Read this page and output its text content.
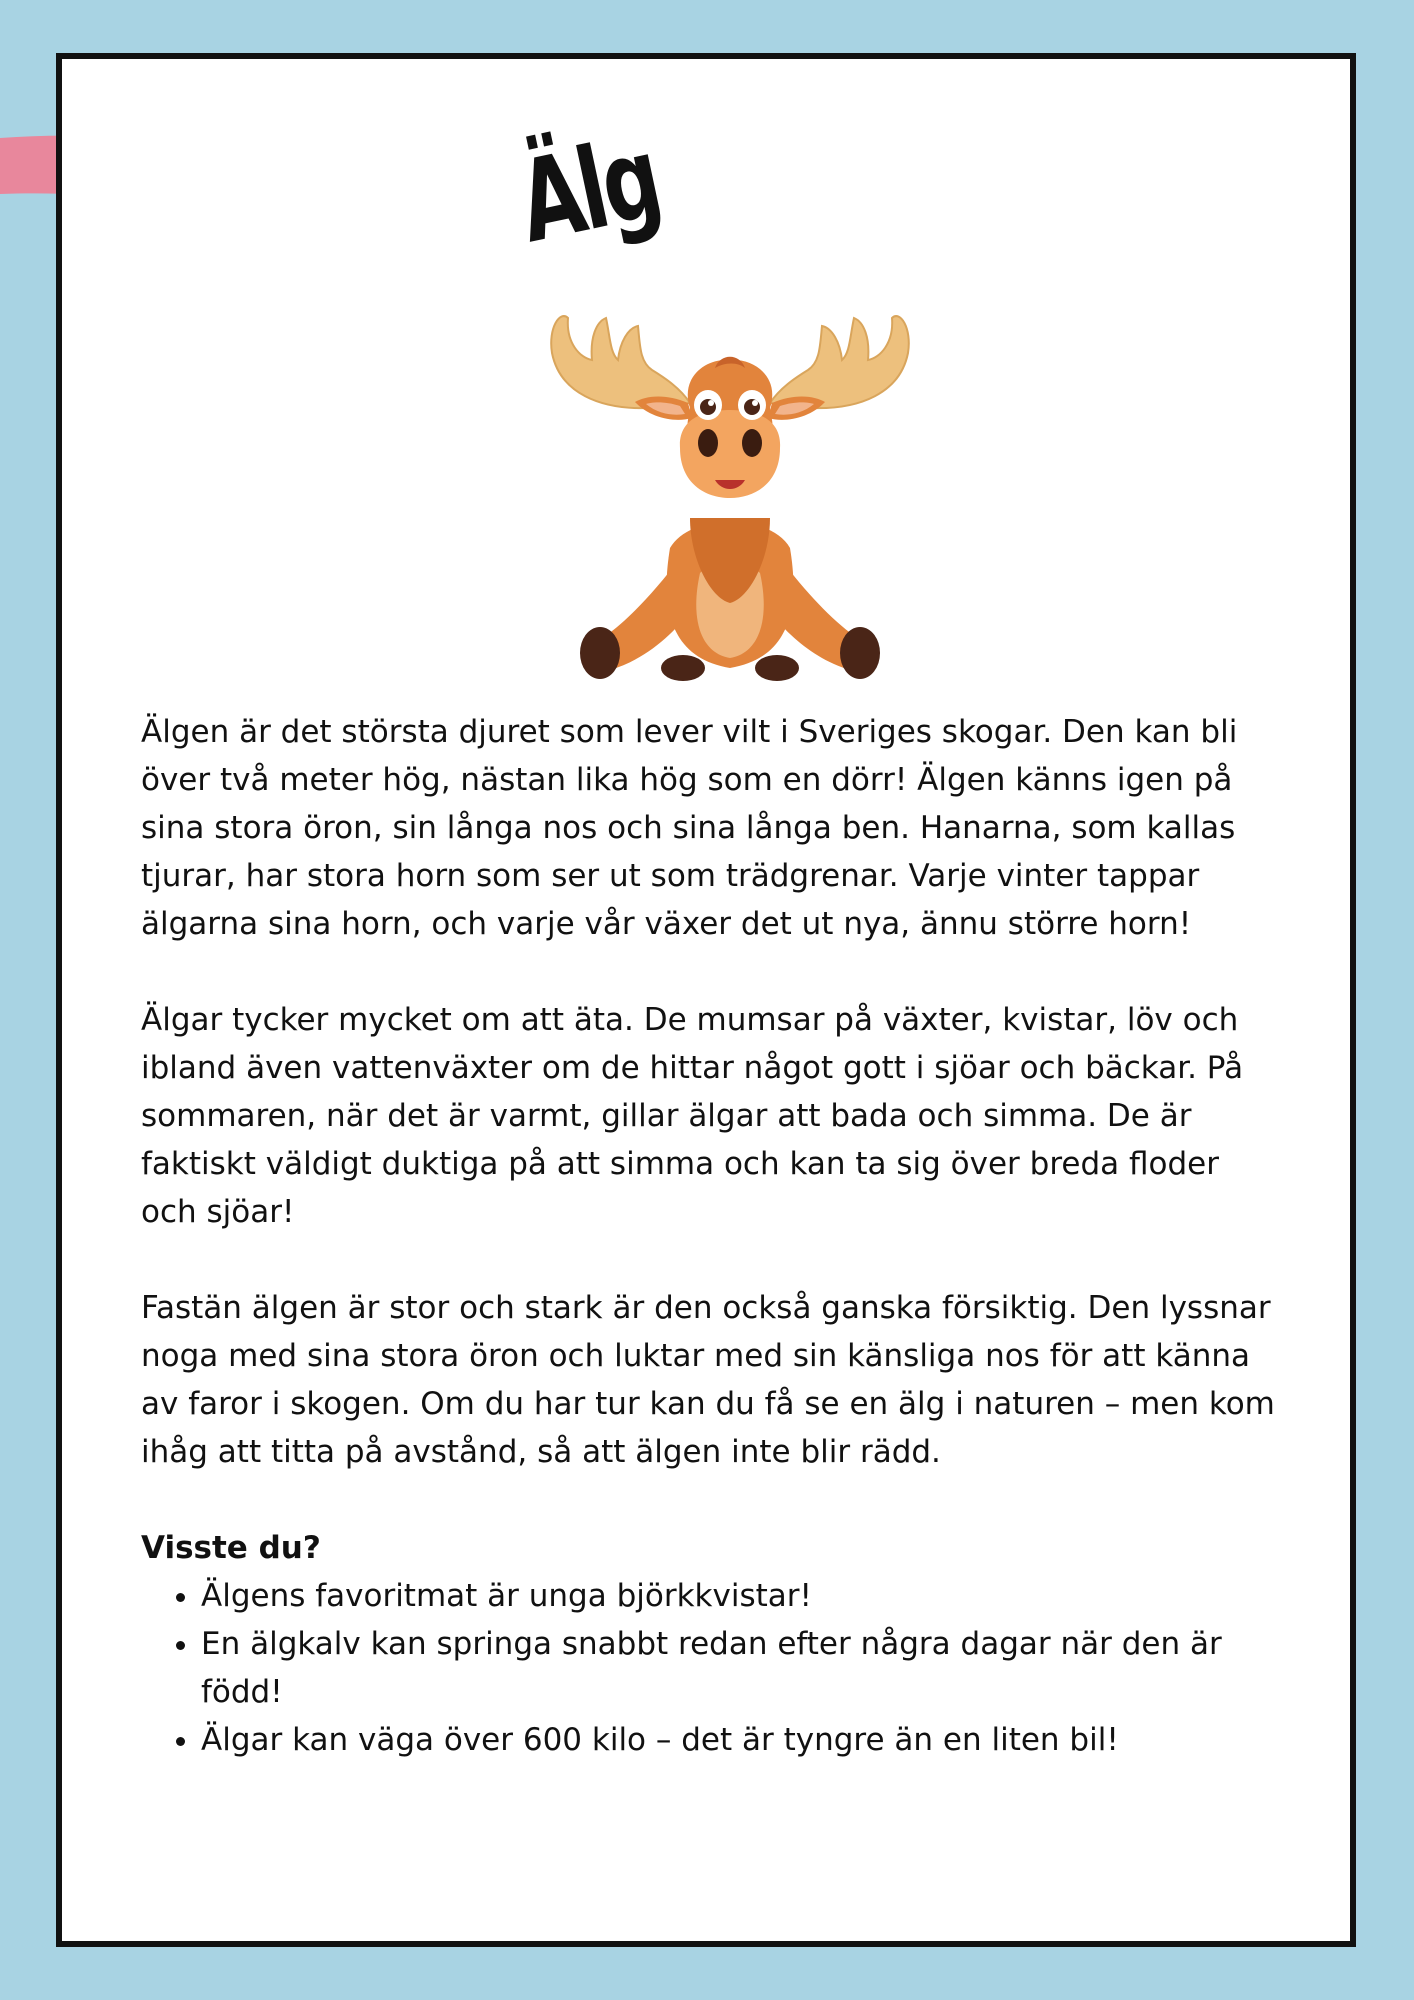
Älg

Älgen är det största djuret som lever vilt i Sveriges skogar. Den kan bli över två meter hög, nästan lika hög som en dörr! Älgen känns igen på sina stora öron, sin långa nos och sina långa ben. Hanarna, som kallas tjurar, har stora horn som ser ut som trädgrenar. Varje vinter tappar älgarna sina horn, och varje vår växer det ut nya, ännu större horn!

Älgar tycker mycket om att äta. De mumsar på växter, kvistar, löv och ibland även vattenväxter om de hittar något gott i sjöar och bäckar. På sommaren, när det är varmt, gillar älgar att bada och simma. De är faktiskt väldigt duktiga på att simma och kan ta sig över breda floder och sjöar!

Fastän älgen är stor och stark är den också ganska försiktig. Den lyssnar noga med sina stora öron och luktar med sin känsliga nos för att känna av faror i skogen. Om du har tur kan du få se en älg i naturen – men kom ihåg att titta på avstånd, så att älgen inte blir rädd.

Visste du?
• Älgens favoritmat är unga björkkvistar!
• En älgkalv kan springa snabbt redan efter några dagar när den är född!
• Älgar kan väga över 600 kilo – det är tyngre än en liten bil!
